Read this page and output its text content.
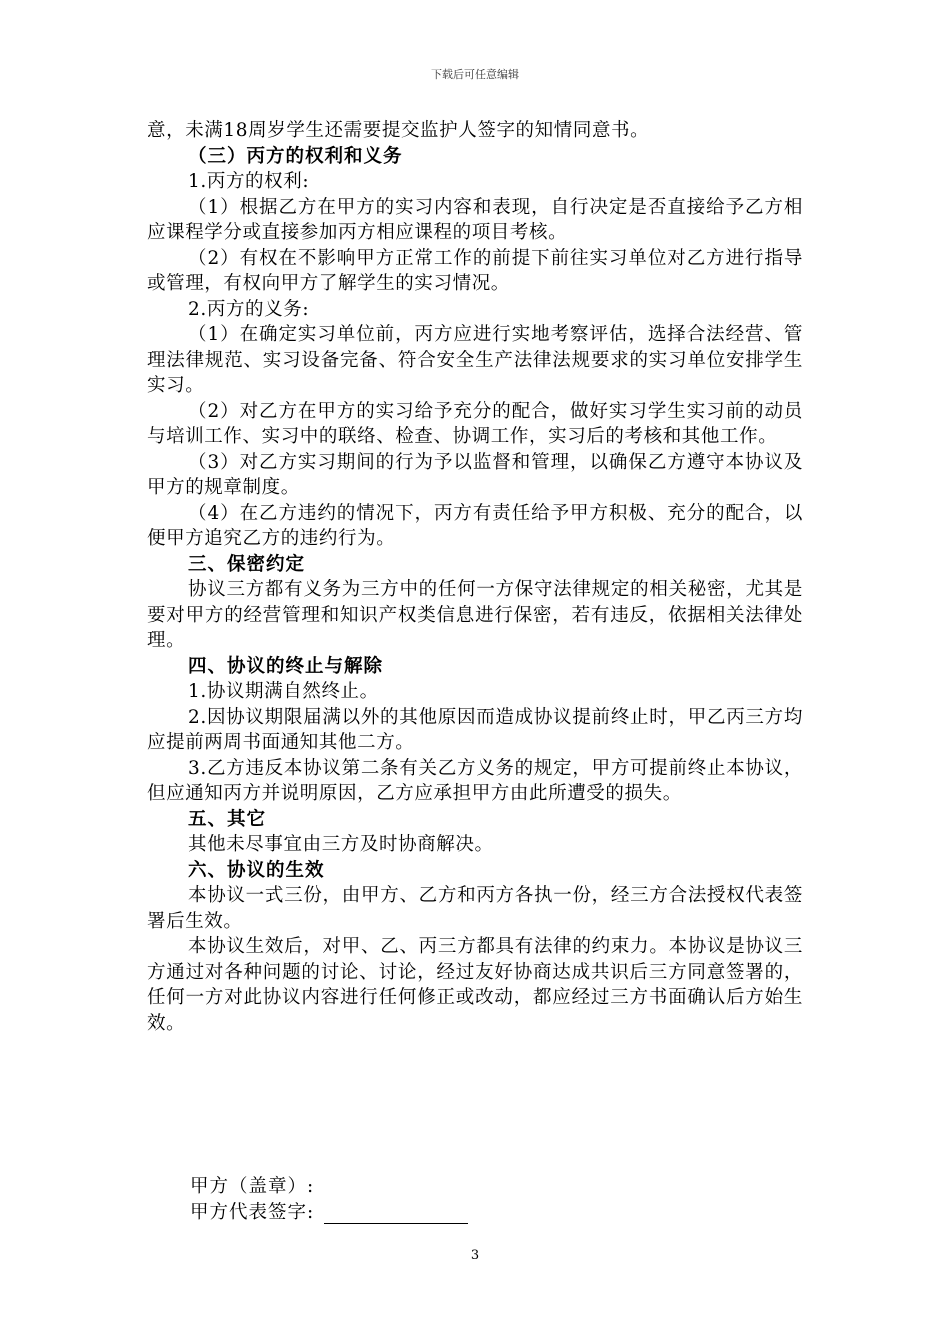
下载后可任意编辑

意，未满18周岁学生还需要提交监护人签字的知情同意书。

（三）丙方的权利和义务

1.丙方的权利:

（1）根据乙方在甲方的实习内容和表现，自行决定是否直接给予乙方相应课程学分或直接参加丙方相应课程的项目考核。

（2）有权在不影响甲方正常工作的前提下前往实习单位对乙方进行指导或管理，有权向甲方了解学生的实习情况。

2.丙方的义务:

（1）在确定实习单位前，丙方应进行实地考察评估，选择合法经营、管理法律规范、实习设备完备、符合安全生产法律法规要求的实习单位安排学生实习。

（2）对乙方在甲方的实习给予充分的配合，做好实习学生实习前的动员与培训工作、实习中的联络、检查、协调工作，实习后的考核和其他工作。

（3）对乙方实习期间的行为予以监督和管理，以确保乙方遵守本协议及甲方的规章制度。

（4）在乙方违约的情况下，丙方有责任给予甲方积极、充分的配合，以便甲方追究乙方的违约行为。

三、保密约定

协议三方都有义务为三方中的任何一方保守法律规定的相关秘密，尤其是要对甲方的经营管理和知识产权类信息进行保密，若有违反，依据相关法律处理。

四、协议的终止与解除

1.协议期满自然终止。

2.因协议期限届满以外的其他原因而造成协议提前终止时，甲乙丙三方均应提前两周书面通知其他二方。

3.乙方违反本协议第二条有关乙方义务的规定，甲方可提前终止本协议，但应通知丙方并说明原因，乙方应承担甲方由此所遭受的损失。

五、其它

其他未尽事宜由三方及时协商解决。

六、协议的生效

本协议一式三份，由甲方、乙方和丙方各执一份，经三方合法授权代表签署后生效。

本协议生效后，对甲、乙、丙三方都具有法律的约束力。本协议是协议三方通过对各种问题的讨论、讨论，经过友好协商达成共识后三方同意签署的，任何一方对此协议内容进行任何修正或改动，都应经过三方书面确认后方始生效。

甲方（盖章）:
甲方代表签字:
3
